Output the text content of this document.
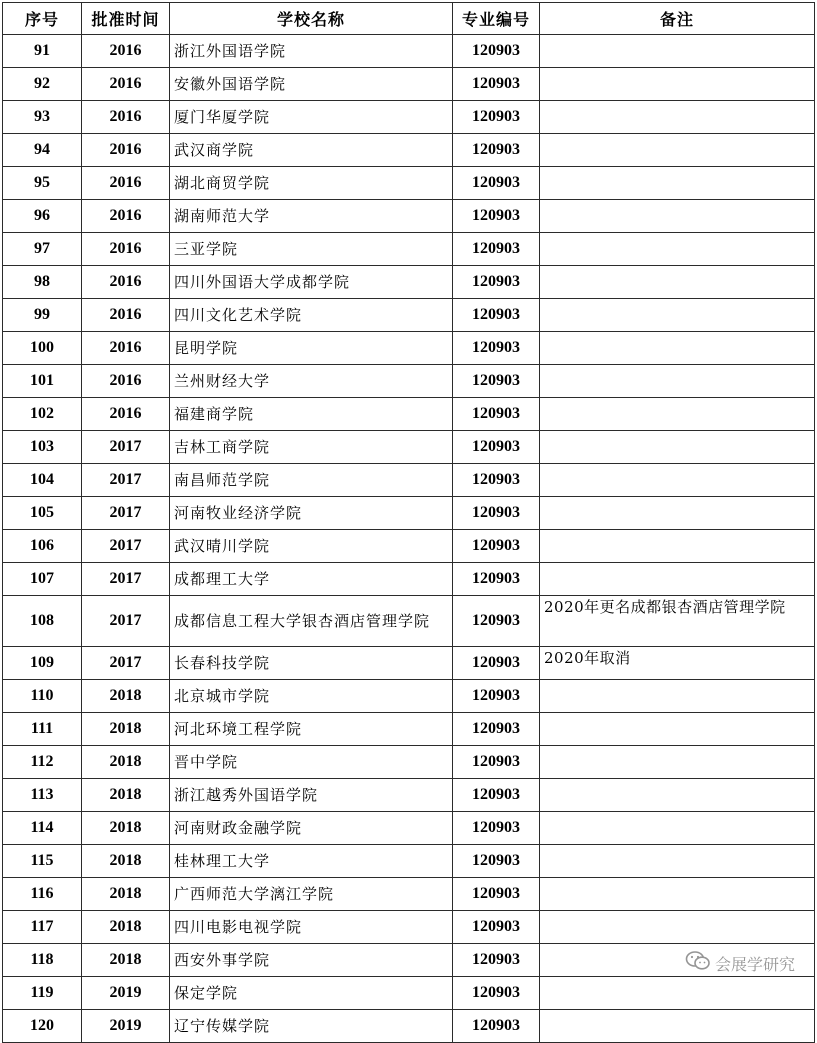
序号	批准时间	学校名称	专业编号	备注
91	2016	浙江外国语学院	120903	
92	2016	安徽外国语学院	120903	
93	2016	厦门华厦学院	120903	
94	2016	武汉商学院	120903	
95	2016	湖北商贸学院	120903	
96	2016	湖南师范大学	120903	
97	2016	三亚学院	120903	
98	2016	四川外国语大学成都学院	120903	
99	2016	四川文化艺术学院	120903	
100	2016	昆明学院	120903	
101	2016	兰州财经大学	120903	
102	2016	福建商学院	120903	
103	2017	吉林工商学院	120903	
104	2017	南昌师范学院	120903	
105	2017	河南牧业经济学院	120903	
106	2017	武汉晴川学院	120903	
107	2017	成都理工大学	120903	
108	2017	成都信息工程大学银杏酒店管理学院	120903	2020年更名成都银杏酒店管理学院
109	2017	长春科技学院	120903	2020年取消
110	2018	北京城市学院	120903	
111	2018	河北环境工程学院	120903	
112	2018	晋中学院	120903	
113	2018	浙江越秀外国语学院	120903	
114	2018	河南财政金融学院	120903	
115	2018	桂林理工大学	120903	
116	2018	广西师范大学漓江学院	120903	
117	2018	四川电影电视学院	120903	
118	2018	西安外事学院	120903	
119	2019	保定学院	120903	
120	2019	辽宁传媒学院	120903	
会展学研究
